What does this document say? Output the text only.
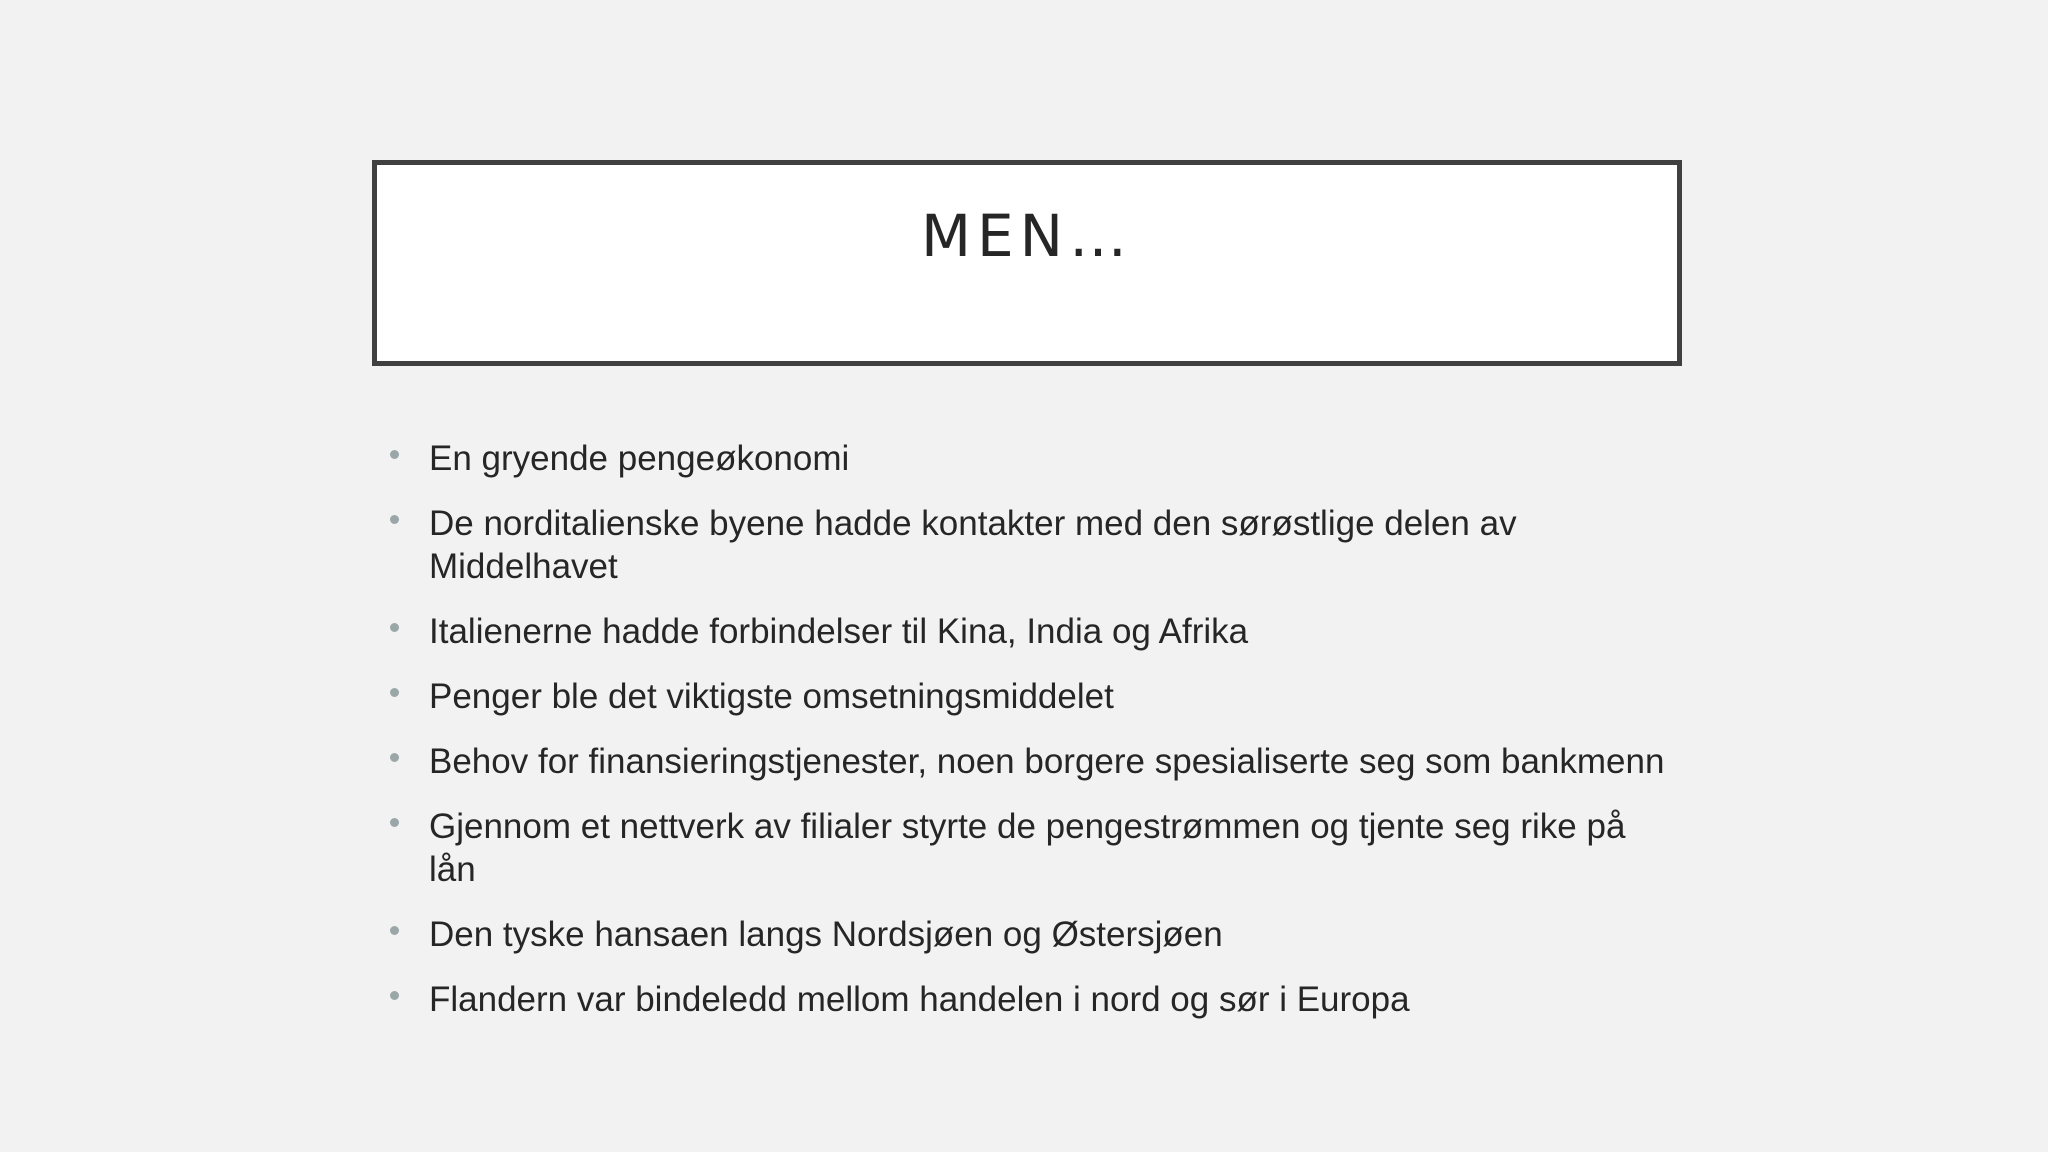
MEN…
En gryende pengeøkonomi
De norditalienske byene hadde kontakter med den sørøstlige delen av Middelhavet
Italienerne hadde forbindelser til Kina, India og Afrika
Penger ble det viktigste omsetningsmiddelet
Behov for finansieringstjenester, noen borgere spesialiserte seg som bankmenn
Gjennom et nettverk av filialer styrte de pengestrømmen og tjente seg rike på lån
Den tyske hansaen langs Nordsjøen og Østersjøen
Flandern var bindeledd mellom handelen i nord og sør i Europa
